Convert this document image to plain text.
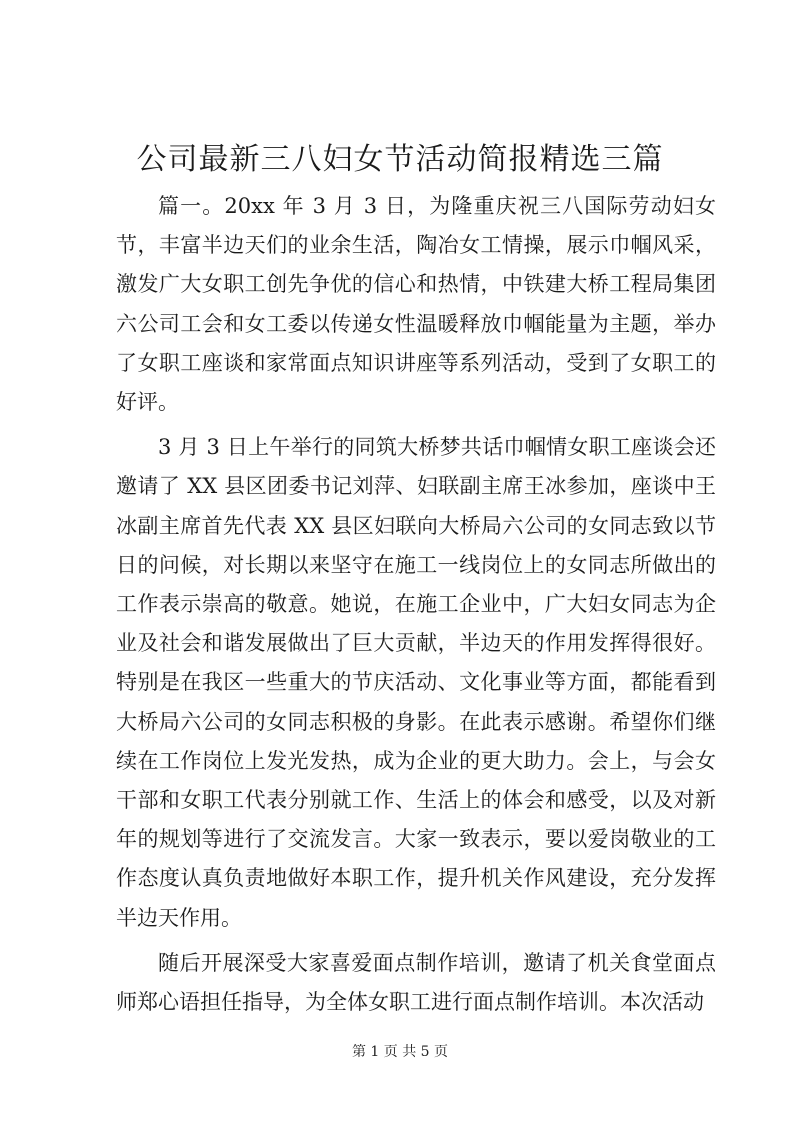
公司最新三八妇女节活动简报精选三篇

篇一。20xx 年 3 月 3 日，为隆重庆祝三八国际劳动妇女节，丰富半边天们的业余生活，陶冶女工情操，展示巾帼风采，激发广大女职工创先争优的信心和热情，中铁建大桥工程局集团六公司工会和女工委以传递女性温暖释放巾帼能量为主题，举办了女职工座谈和家常面点知识讲座等系列活动，受到了女职工的好评。

3 月 3 日上午举行的同筑大桥梦共话巾帼情女职工座谈会还邀请了 XX 县区团委书记刘萍、妇联副主席王冰参加，座谈中王冰副主席首先代表 XX 县区妇联向大桥局六公司的女同志致以节日的问候，对长期以来坚守在施工一线岗位上的女同志所做出的工作表示崇高的敬意。她说，在施工企业中，广大妇女同志为企业及社会和谐发展做出了巨大贡献，半边天的作用发挥得很好。特别是在我区一些重大的节庆活动、文化事业等方面，都能看到大桥局六公司的女同志积极的身影。在此表示感谢。希望你们继续在工作岗位上发光发热，成为企业的更大助力。会上，与会女干部和女职工代表分别就工作、生活上的体会和感受，以及对新年的规划等进行了交流发言。大家一致表示，要以爱岗敬业的工作态度认真负责地做好本职工作，提升机关作风建设，充分发挥半边天作用。

随后开展深受大家喜爱面点制作培训，邀请了机关食堂面点师郑心语担任指导，为全体女职工进行面点制作培训。本次活动

第 1 页 共 5 页
